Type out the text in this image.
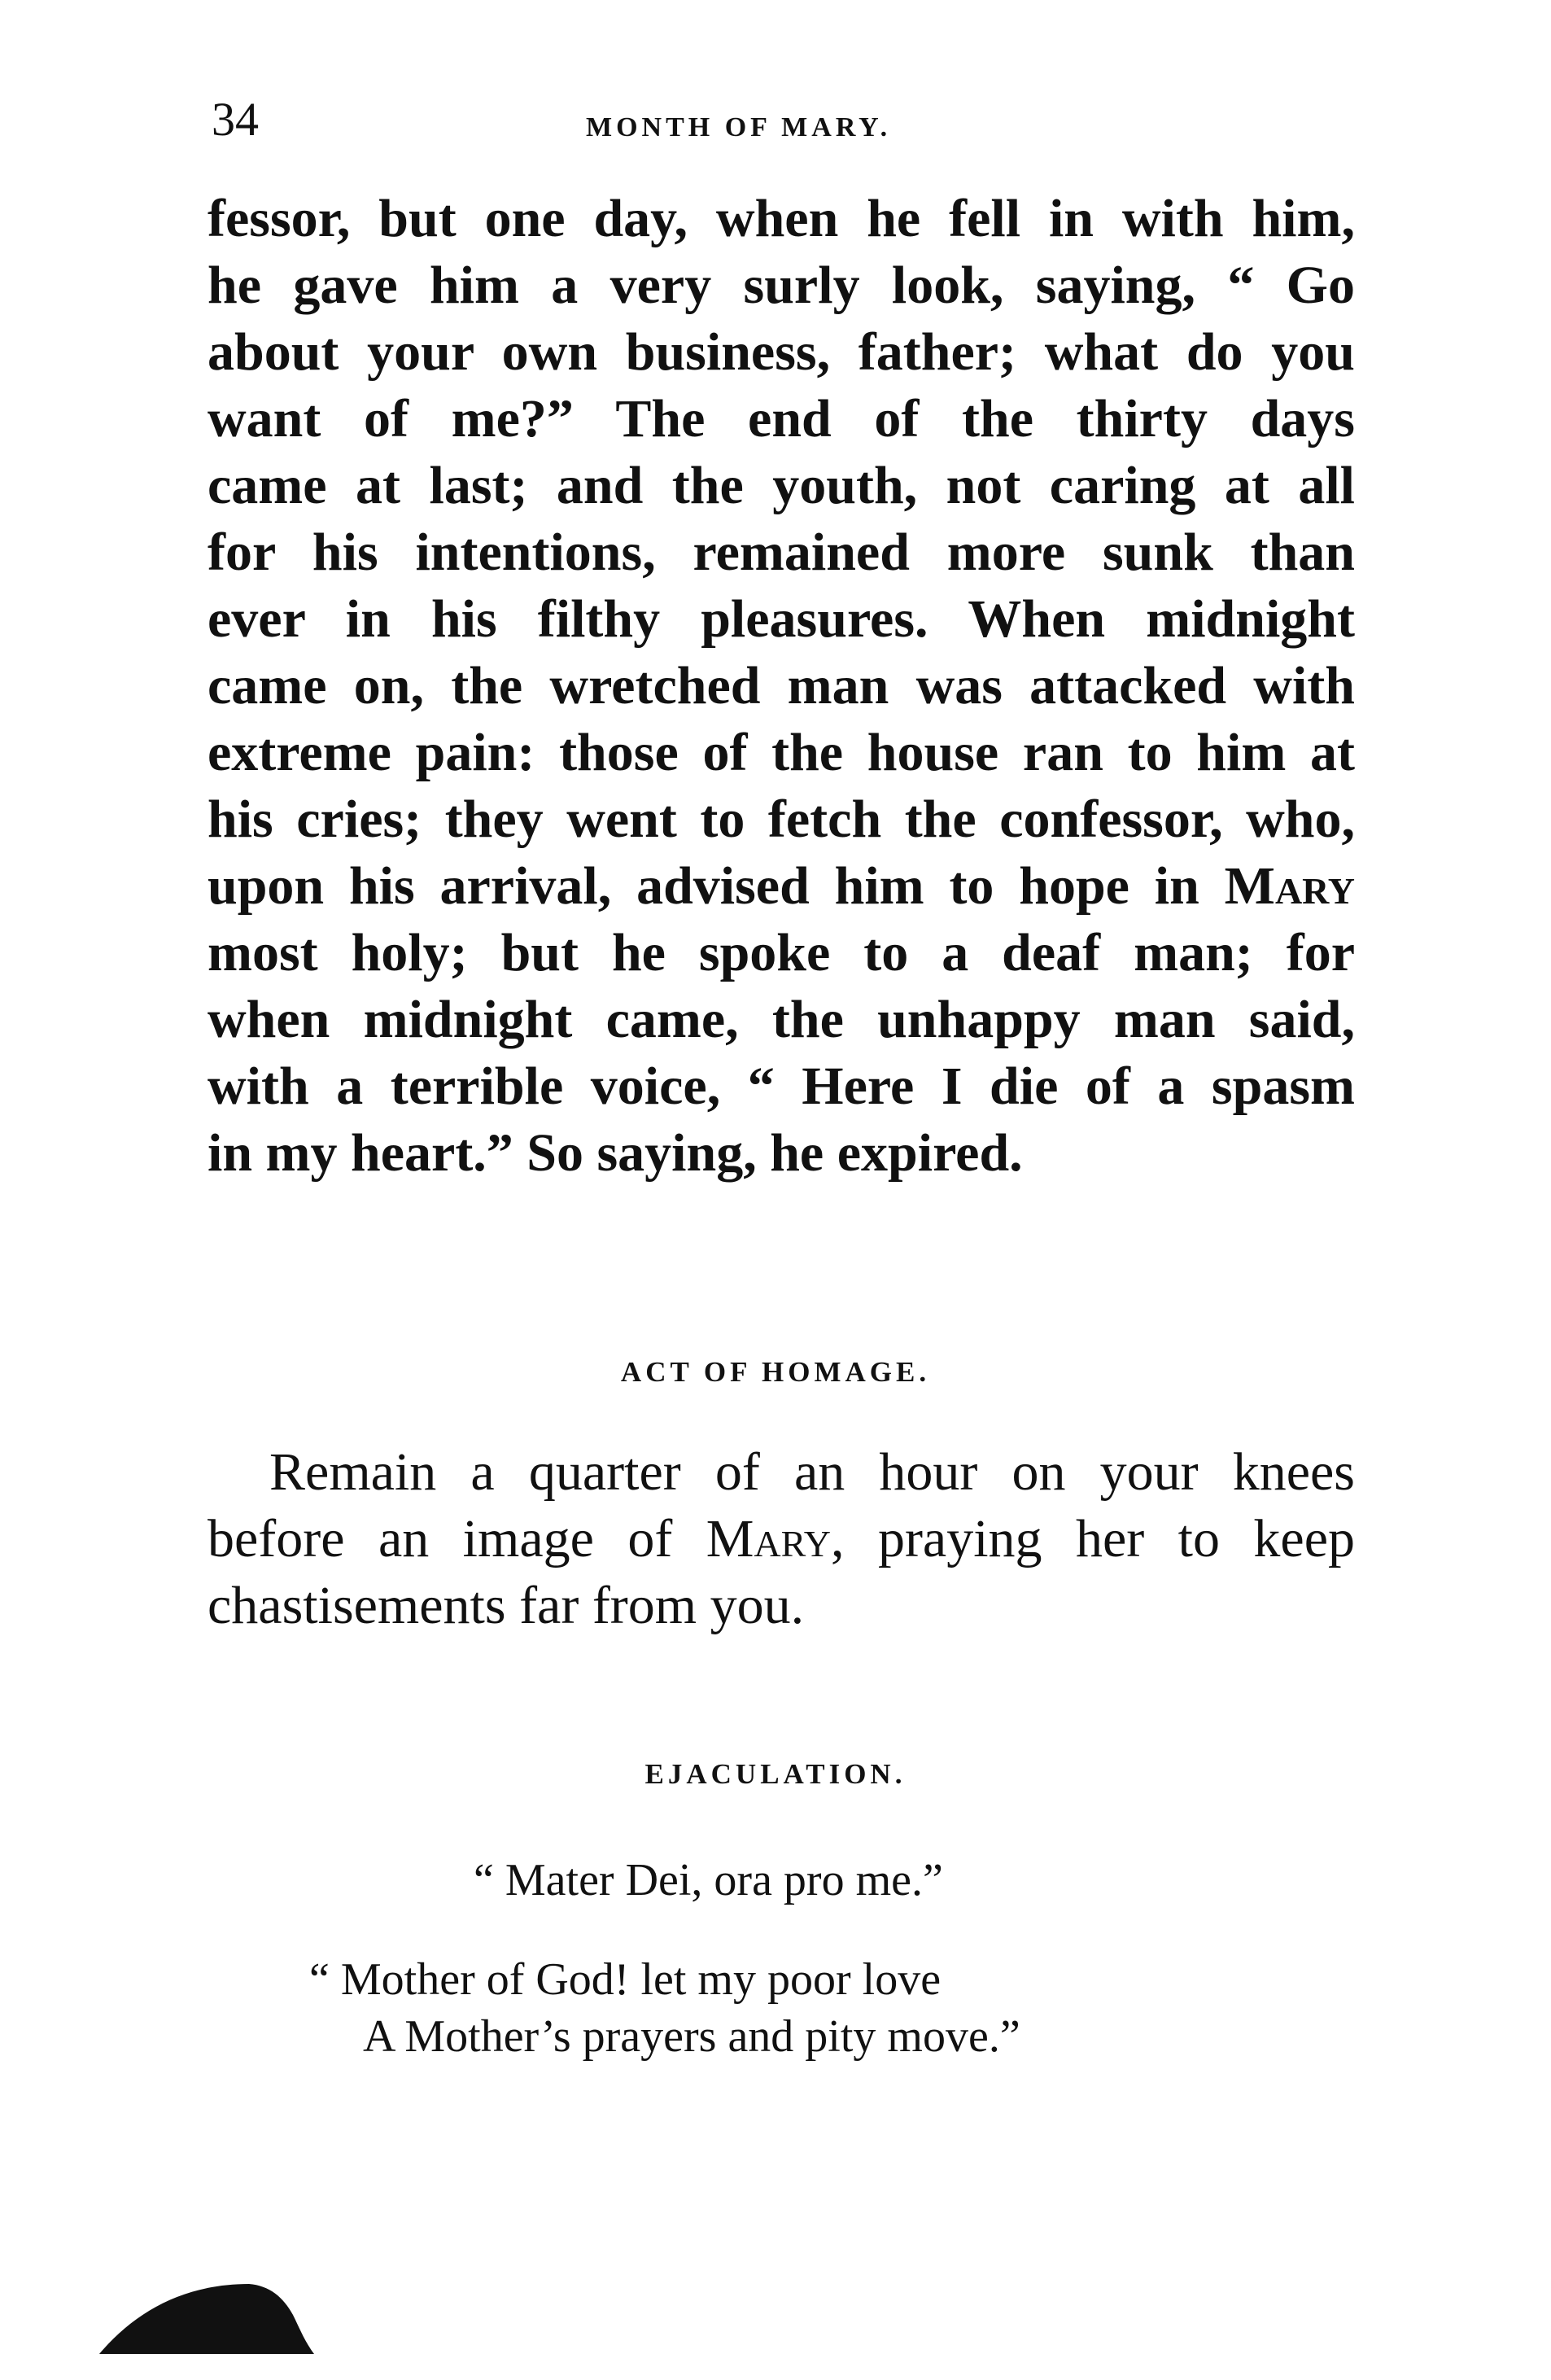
34	MONTH OF MARY.
fessor, but one day, when he fell in with him,
he gave him a very surly look, saying, “ Go
about your own business, father; what do you
want of me?” The end of the thirty days
came at last; and the youth, not caring at all
for his intentions, remained more sunk than
ever in his filthy pleasures. When midnight
came on, the wretched man was attacked with
extreme pain: those of the house ran to him at
his cries; they went to fetch the confessor, who,
upon his arrival, advised him to hope in Mary
most holy; but he spoke to a deaf man; for
when midnight came, the unhappy man said,
with a terrible voice, “ Here I die of a spasm
in my heart.” So saying, he expired.
ACT OF HOMAGE.
Remain a quarter of an hour on your knees
before an image of Mary, praying her to keep
chastisements far from you.
EJACULATION.
“ Mater Dei, ora pro me.”
“ Mother of God! let my poor love
A Mother’s prayers and pity move.”
